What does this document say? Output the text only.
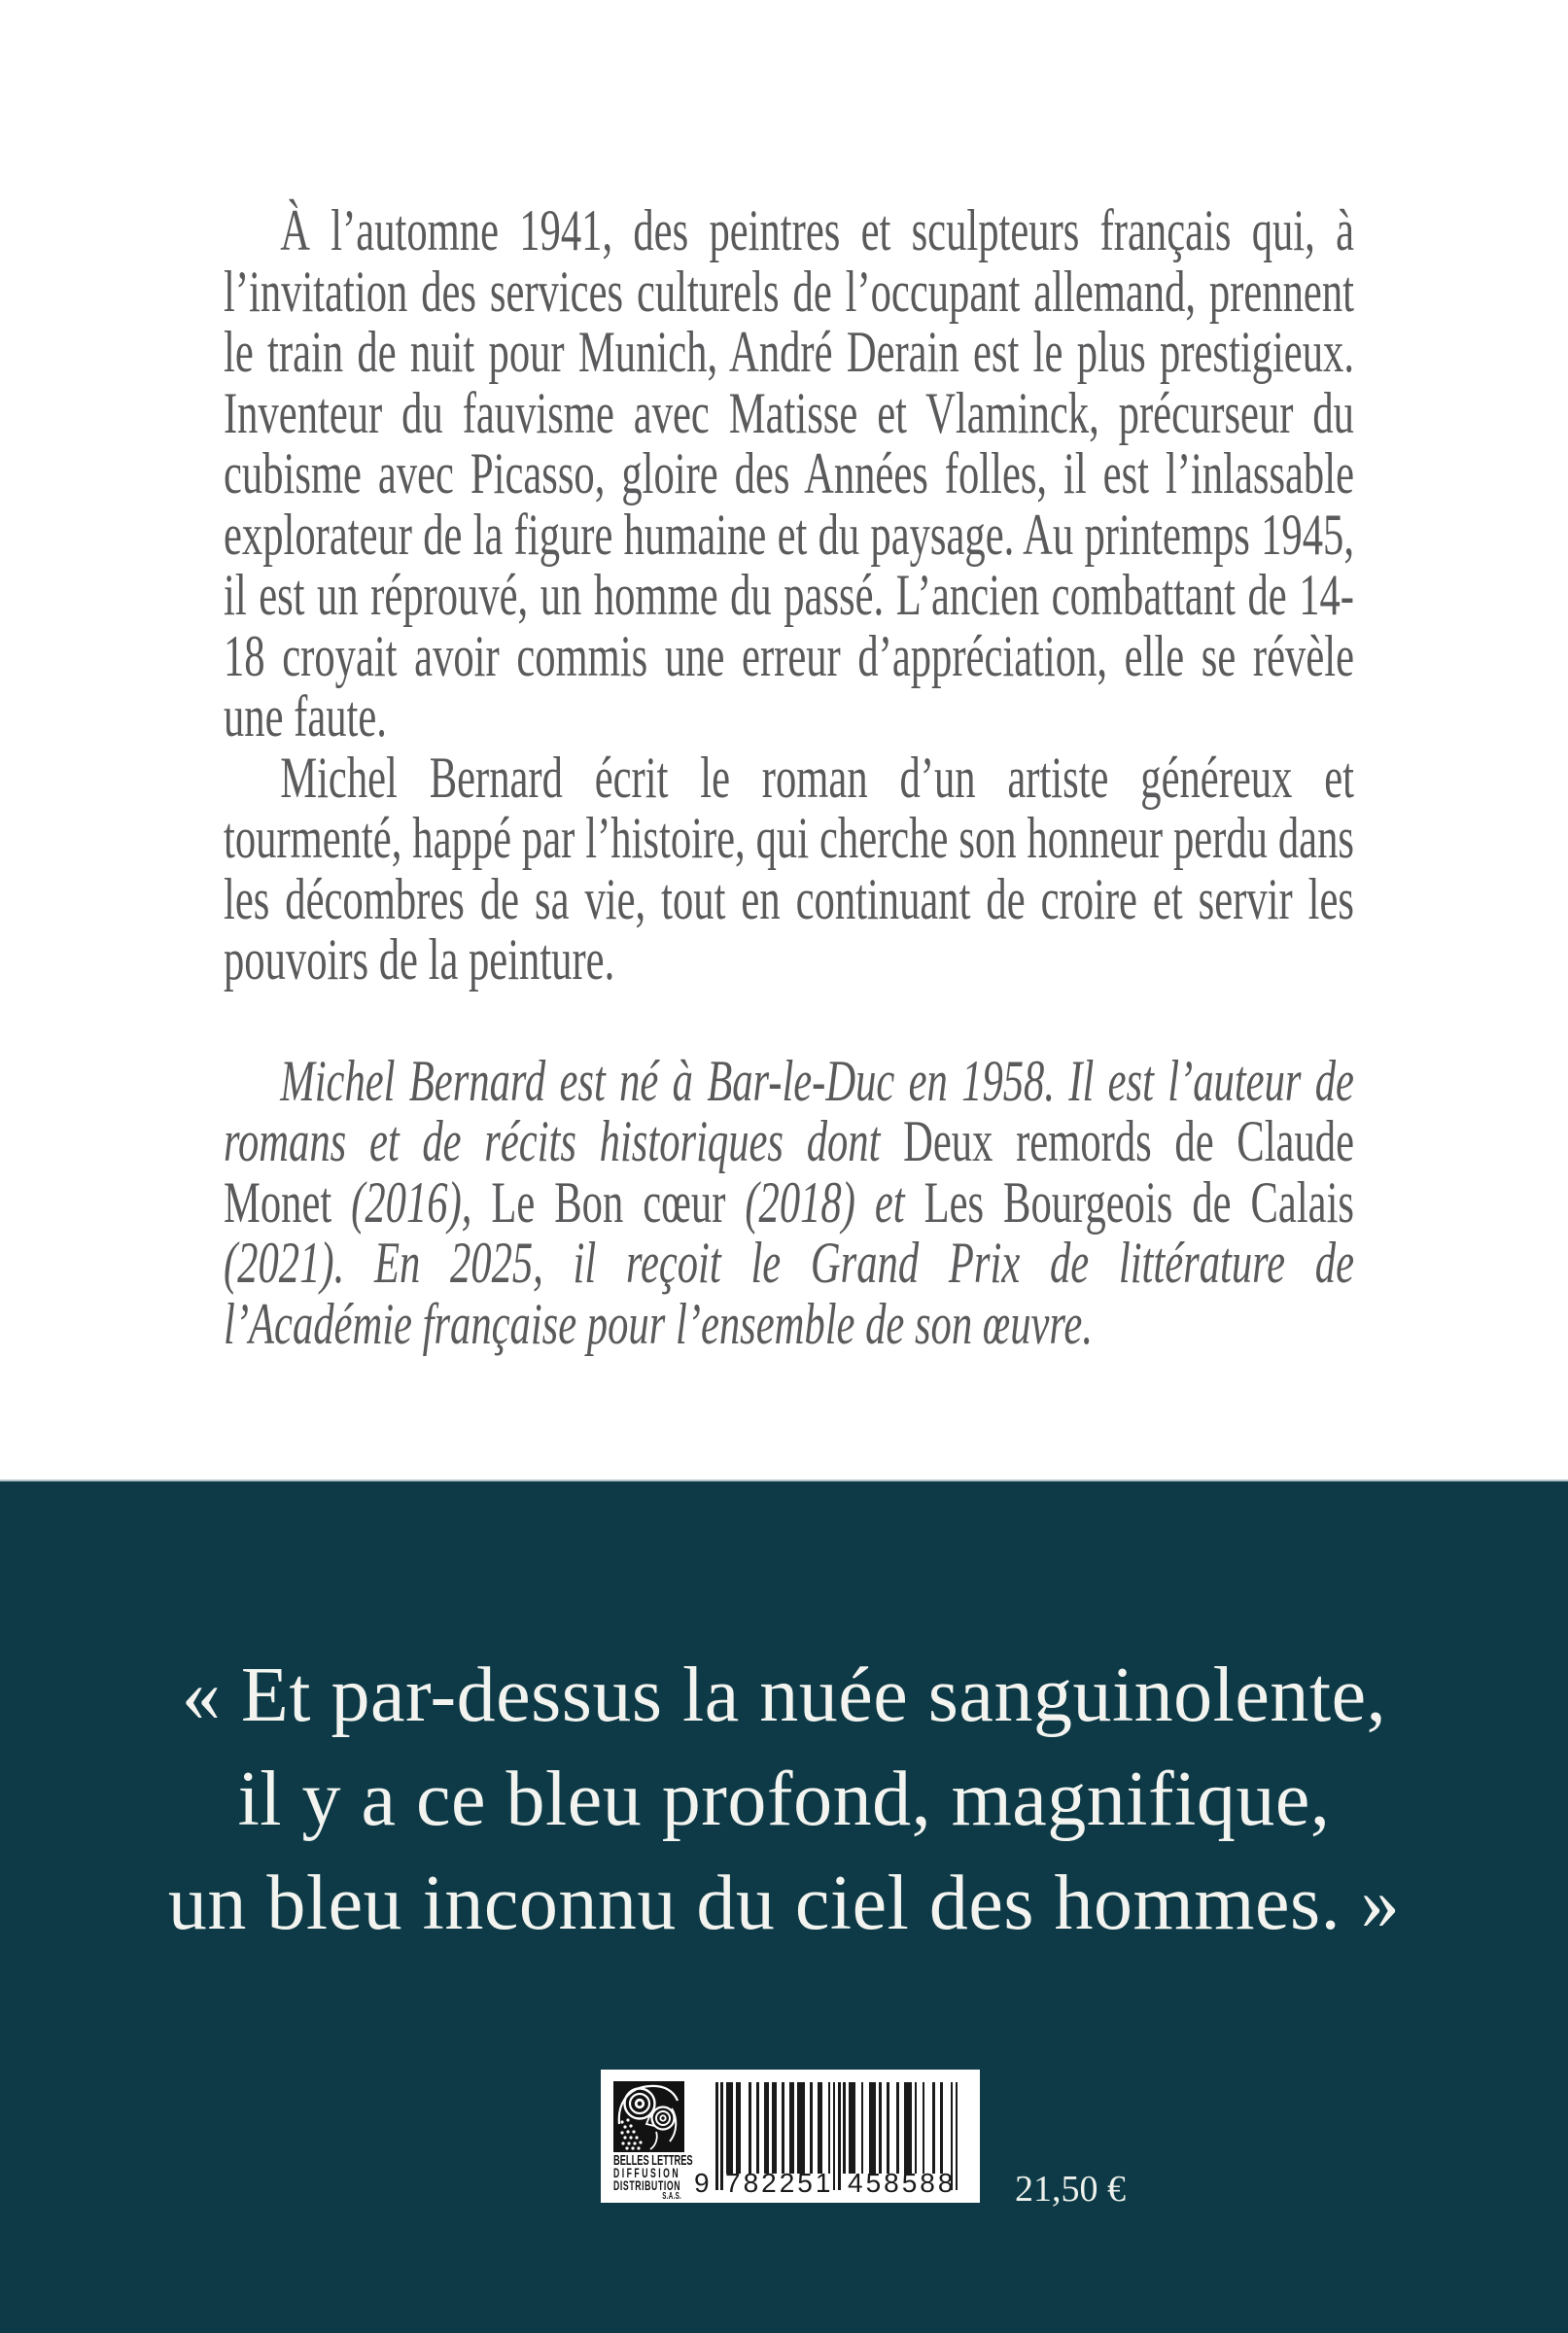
À l’automne 1941, des peintres et sculpteurs français qui, à l’invitation des services culturels de l’occupant allemand, prennent le train de nuit pour Munich, André Derain est le plus prestigieux. Inventeur du fauvisme avec Matisse et Vlaminck, précurseur du cubisme avec Picasso, gloire des Années folles, il est l’inlassable explorateur de la figure humaine et du paysage. Au printemps 1945, il est un réprouvé, un homme du passé. L’ancien combattant de 14-18 croyait avoir commis une erreur d’appréciation, elle se révèle une faute.

Michel Bernard écrit le roman d’un artiste généreux et tourmenté, happé par l’histoire, qui cherche son honneur perdu dans les décombres de sa vie, tout en continuant de croire et servir les pouvoirs de la peinture.

Michel Bernard est né à Bar-le-Duc en 1958. Il est l’auteur de romans et de récits historiques dont Deux remords de Claude Monet (2016), Le Bon cœur (2018) et Les Bourgeois de Calais (2021). En 2025, il reçoit le Grand Prix de littérature de l’Académie française pour l’ensemble de son œuvre.

« Et par-dessus la nuée sanguinolente,
il y a ce bleu profond, magnifique,
un bleu inconnu du ciel des hommes. »
BELLES LETTRES
DIFFUSION
DISTRIBUTION
S.A.S. 9 782251 458588 21,50 €
